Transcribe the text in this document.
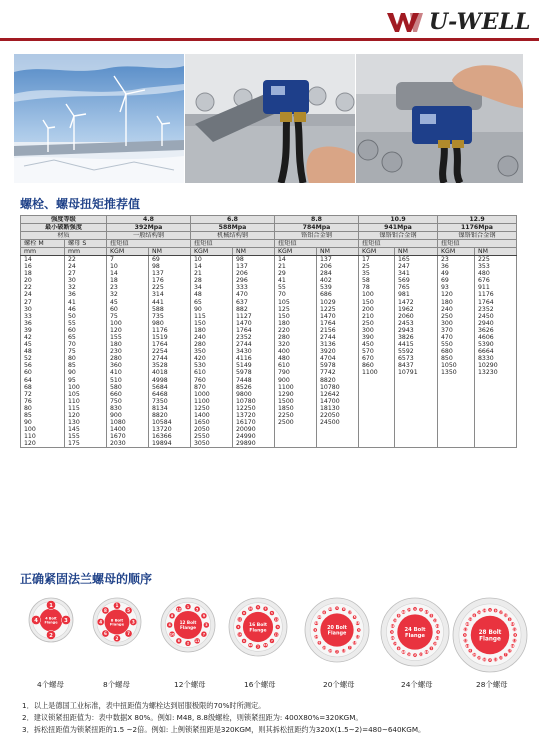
U-WELL
螺栓、螺母扭矩推荐值
强度等级		4.8		6.8		8.8		10.9		12.9	
最小破断强度		392Mpa		588Mpa		784Mpa		941Mpa		1176Mpa	
材质		一般结构钢		机械结构钢		铬钼合金钢		镍铬钼合金钢		镍铬钼合金钢	
螺栓 M	螺母 S	扭矩值		扭矩值		扭矩值		扭矩值		扭矩值	
mm	mm	KGM	NM	KGM	NM	KGM	NM	KGM	NM	KGM	NM
14	22	7	69	10	98	14	137	17	165	23	225
16	24	10	98	14	137	21	206	25	247	36	353
18	27	14	137	21	206	29	284	35	341	49	480
20	30	18	176	28	296	41	402	58	569	69	676
22	32	23	225	34	333	55	539	78	765	93	911
24	36	32	314	48	470	70	686	100	981	120	1176
27	41	45	441	65	637	105	1029	150	1472	180	1764
30	46	60	588	90	882	125	1225	200	1962	240	2352
33	50	75	735	115	1127	150	1470	210	2060	250	2450
36	55	100	980	150	1470	180	1764	250	2453	300	2940
39	60	120	1176	180	1764	220	2156	300	2943	370	3626
42	65	155	1519	240	2352	280	2744	390	3826	470	4606
45	70	180	1764	280	2744	320	3136	450	4415	550	5390
48	75	230	2254	350	3430	400	3920	570	5592	680	6664
52	80	280	2744	420	4116	480	4704	670	6573	850	8330
56	85	360	3528	530	5149	610	5978	860	8437	1050	10290
60	90	410	4018	610	5978	790	7742	1100	10791	1350	13230
64	95	510	4998	760	7448	900	8820				
68	100	580	5684	870	8526	1100	10780				
72	105	660	6468	1000	9800	1290	12642				
76	110	750	7350	1100	10780	1500	14700				
80	115	830	8134	1250	12250	1850	18130				
85	120	900	8820	1400	13720	2250	22050				
90	130	1080	10584	1650	16170	2500	24500				
100	145	1400	13720	2050	20090						
110	155	1670	16366	2550	24990						
120	175	2030	19894	3050	29890						
正确紧固法兰螺母的顺序
4 Bolt Flange
1
3
2
4
4个螺母
8 Bolt Flange
1
5
3
7
2
6
4
8
8个螺母
12 Bolt Flange
1
5
9
3
7
11
2
6
10
4
8
12
12个螺母
16 Bolt Flange
1 9
5
13
3
11
7
15
2
10
6
14
4
12
8
16
16个螺母
20 Bolt Flange
1 9
17
5
13
3
11
19
7
15
2
10
18
6
14
4
12
20
8
16
20个螺母
24 Bolt Flange
1 9
17
5
13
21
3
11
19
7
15
23
2
10
18
6
14
22
4
12
20
8
16
24
24个螺母
28 Bolt Flange
1 9
17
25
5
13
21
3
11
19
27
7
15
23
2
10
18
26
6
14
22
4
12
20
28
8
16
24
28个螺母

1．以上是德国工业标准，表中扭距值为螺栓达到屈服极限的70%时所测定。

2．建议锁紧扭距值为：表中数据X 80%。例如: M48, 8.8级螺栓，则锁紧扭距为: 400X80%=320KGM。

3．拆松扭距值为锁紧扭距的1.5 ~2倍。例如: 上例锁紧扭距是320KGM，则其拆松扭距约为320X(1.5~2)=480~640KGM。
